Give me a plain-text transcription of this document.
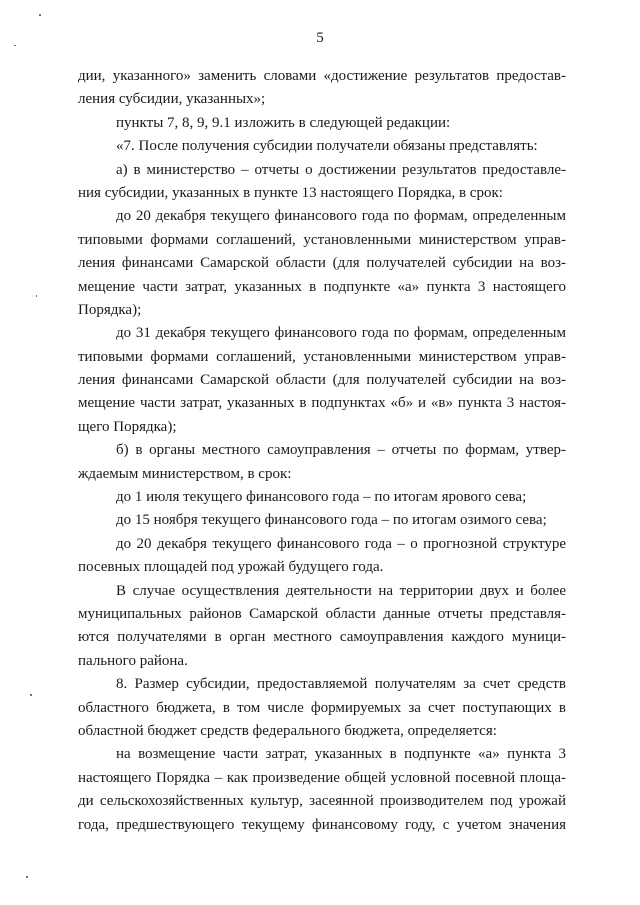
5
дии, указанного» заменить словами «достижение результатов предостав-
ления субсидии, указанных»;
пункты 7, 8, 9, 9.1 изложить в следующей редакции:
«7. После получения субсидии получатели обязаны представлять:
а) в министерство – отчеты о достижении результатов предоставле-
ния субсидии, указанных в пункте 13 настоящего Порядка, в срок:
до 20 декабря текущего финансового года по формам, определенным
типовыми формами соглашений, установленными министерством управ-
ления финансами Самарской области (для получателей субсидии на воз-
мещение части затрат, указанных в подпункте «а» пункта 3 настоящего
Порядка);
до 31 декабря текущего финансового года по формам, определенным
типовыми формами соглашений, установленными министерством управ-
ления финансами Самарской области (для получателей субсидии на воз-
мещение части затрат, указанных в подпунктах «б» и «в» пункта 3 настоя-
щего Порядка);
б) в органы местного самоуправления – отчеты по формам, утвер-
ждаемым министерством, в срок:
до 1 июля текущего финансового года – по итогам ярового сева;
до 15 ноября текущего финансового года – по итогам озимого сева;
до 20 декабря текущего финансового года – о прогнозной структуре
посевных площадей под урожай будущего года.
В случае осуществления деятельности на территории двух и более
муниципальных районов Самарской области данные отчеты представля-
ются получателями в орган местного самоуправления каждого муници-
пального района.
8. Размер субсидии, предоставляемой получателям за счет средств
областного бюджета, в том числе формируемых за счет поступающих в
областной бюджет средств федерального бюджета, определяется:
на возмещение части затрат, указанных в подпункте «а» пункта 3
настоящего Порядка – как произведение общей условной посевной площа-
ди сельскохозяйственных культур, засеянной производителем под урожай
года, предшествующего текущему финансовому году, с учетом значения
